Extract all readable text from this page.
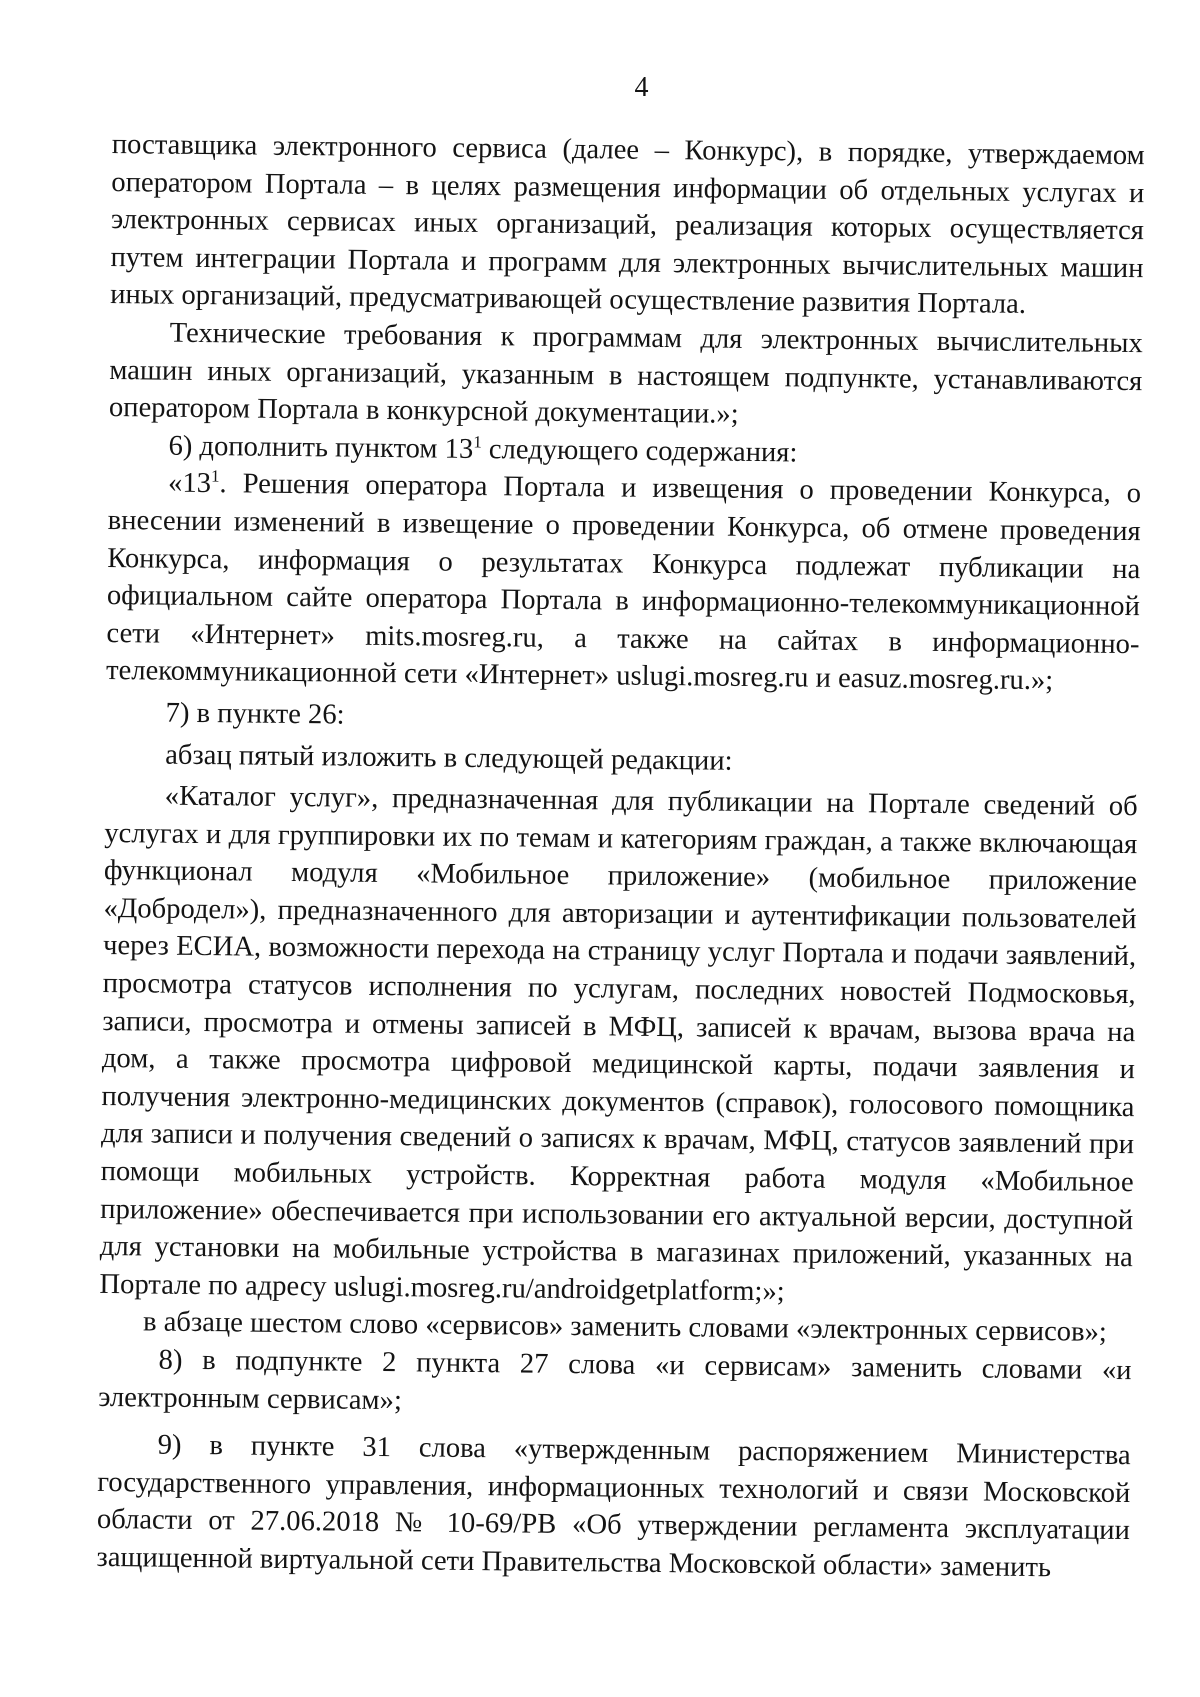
4

поставщика электронного сервиса (далее – Конкурс), в порядке, утверждаемом оператором Портала – в целях размещения информации об отдельных услугах и электронных сервисах иных организаций, реализация которых осуществляется путем интеграции Портала и программ для электронных вычислительных машин иных организаций, предусматривающей осуществление развития Портала.

Технические требования к программам для электронных вычислительных машин иных организаций, указанным в настоящем подпункте, устанавливаются оператором Портала в конкурсной документации.»;

6) дополнить пунктом $13^1$ следующего содержания:

«$13^1$. Решения оператора Портала и извещения о проведении Конкурса, о внесении изменений в извещение о проведении Конкурса, об отмене проведения Конкурса, информация о результатах Конкурса подлежат публикации на официальном сайте оператора Портала в информационно-телекоммуникационной сети «Интернет» mits.mosreg.ru, а также на сайтах в информационно-телекоммуникационной сети «Интернет» uslugi.mosreg.ru и easuz.mosreg.ru.»;

7) в пункте 26:

абзац пятый изложить в следующей редакции:

«Каталог услуг», предназначенная для публикации на Портале сведений об услугах и для группировки их по темам и категориям граждан, а также включающая функционал модуля «Мобильное приложение» (мобильное приложение «Добродел»), предназначенного для авторизации и аутентификации пользователей через ЕСИА, возможности перехода на страницу услуг Портала и подачи заявлений, просмотра статусов исполнения по услугам, последних новостей Подмосковья, записи, просмотра и отмены записей в МФЦ, записей к врачам, вызова врача на дом, а также просмотра цифровой медицинской карты, подачи заявления и получения электронно-медицинских документов (справок), голосового помощника для записи и получения сведений о записях к врачам, МФЦ, статусов заявлений при помощи мобильных устройств. Корректная работа модуля «Мобильное приложение» обеспечивается при использовании его актуальной версии, доступной для установки на мобильные устройства в магазинах приложений, указанных на Портале по адресу uslugi.mosreg.ru/androidgetplatform;»;

в абзаце шестом слово «сервисов» заменить словами «электронных сервисов»;

8) в подпункте 2 пункта 27 слова «и сервисам» заменить словами «и электронным сервисам»;

9) в пункте 31 слова «утвержденным распоряжением Министерства государственного управления, информационных технологий и связи Московской области от 27.06.2018 № 10-69/РВ «Об утверждении регламента эксплуатации защищенной виртуальной сети Правительства Московской области» заменить
